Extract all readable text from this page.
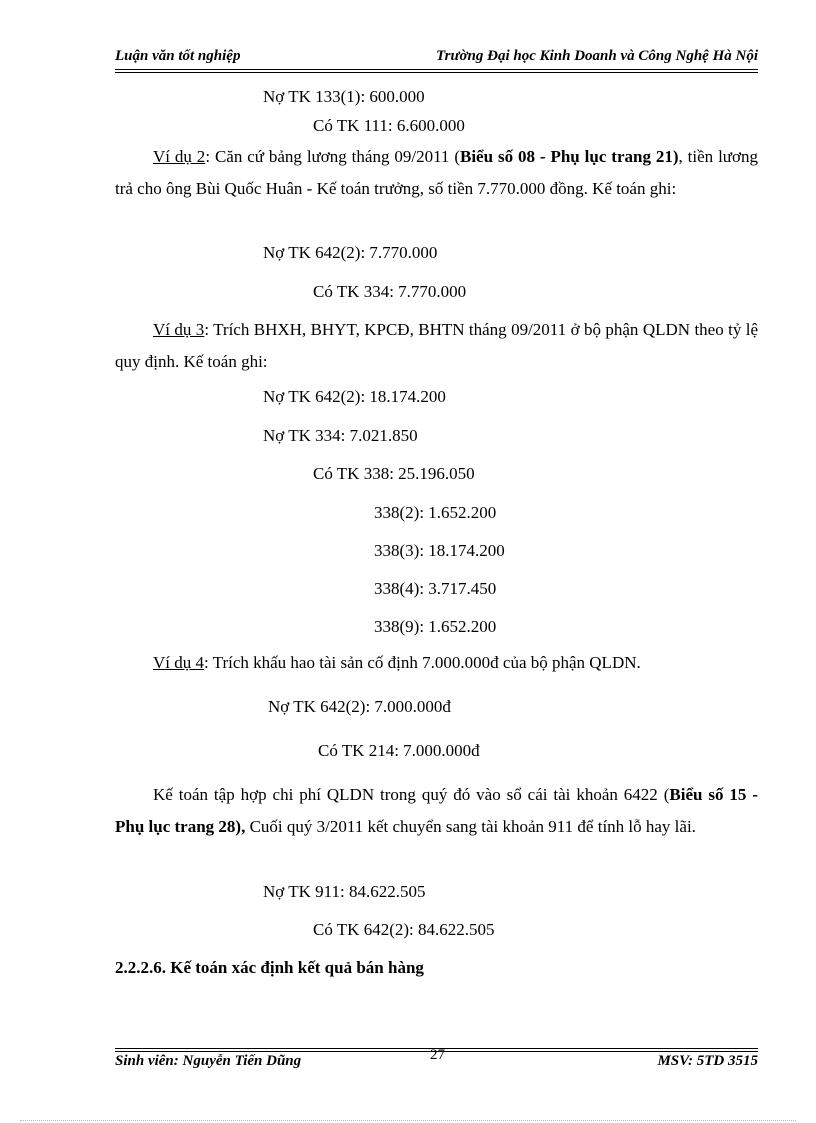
Luận văn tốt nghiệp	Trường Đại học Kinh Doanh và Công Nghệ Hà Nội
Nợ TK 133(1): 600.000
Có TK 111: 6.600.000
Ví dụ 2: Căn cứ bảng lương tháng 09/2011 (Biểu số 08 - Phụ lục trang 21), tiền lương trả cho ông Bùi Quốc Huân - Kế toán trưởng, số tiền 7.770.000 đồng. Kế toán ghi:
Nợ TK 642(2): 7.770.000
Có TK 334: 7.770.000
Ví dụ 3: Trích BHXH, BHYT, KPCĐ, BHTN tháng 09/2011 ở bộ phận QLDN theo tỷ lệ quy định. Kế toán ghi:
Nợ TK 642(2): 18.174.200
Nợ TK 334: 7.021.850
Có TK 338: 25.196.050
338(2): 1.652.200
338(3): 18.174.200
338(4): 3.717.450
338(9): 1.652.200
Ví dụ 4: Trích khấu hao tài sản cố định 7.000.000đ của bộ phận QLDN.
Nợ TK 642(2): 7.000.000đ
Có TK 214: 7.000.000đ
Kế toán tập hợp chi phí QLDN trong quý đó vào sổ cái tài khoản 6422 (Biểu số 15 - Phụ lục trang 28), Cuối quý 3/2011 kết chuyển sang tài khoản 911 để tính lỗ hay lãi.
Nợ TK 911: 84.622.505
Có TK 642(2): 84.622.505
2.2.2.6. Kế toán xác định kết quả bán hàng
Sinh viên: Nguyễn Tiến Dũng	27	MSV: 5TD 3515
